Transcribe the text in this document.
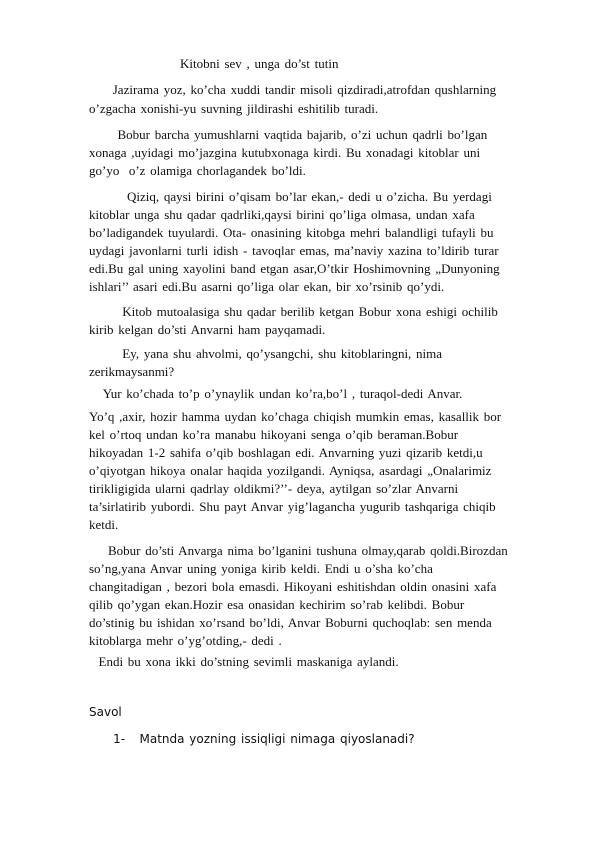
Kitobni sev , unga do’st tutin
Jazirama yoz, ko’cha xuddi tandir misoli qizdiradi,atrofdan qushlarning
o’zgacha xonishi-yu suvning jildirashi eshitilib turadi.
Bobur barcha yumushlarni vaqtida bajarib, o’zi uchun qadrli bo’lgan
xonaga ,uyidagi mo’jazgina kutubxonaga kirdi. Bu xonadagi kitoblar uni
go’yo  o’z olamiga chorlagandek bo’ldi.
Qiziq, qaysi birini o’qisam bo’lar ekan,- dedi u o’zicha. Bu yerdagi
kitoblar unga shu qadar qadrliki,qaysi birini qo’liga olmasa, undan xafa
bo’ladigandek tuyulardi. Ota- onasining kitobga mehri balandligi tufayli bu
uydagi javonlarni turli idish - tavoqlar emas, ma’naviy xazina to’ldirib turar
edi.Bu gal uning xayolini band etgan asar,O’tkir Hoshimovning „Dunyoning
ishlari’’ asari edi.Bu asarni qo’liga olar ekan, bir xo’rsinib qo’ydi.
Kitob mutoalasiga shu qadar berilib ketgan Bobur xona eshigi ochilib
kirib kelgan do’sti Anvarni ham payqamadi.
Ey, yana shu ahvolmi, qo’ysangchi, shu kitoblaringni, nima
zerikmaysanmi?
Yur ko’chada to’p o’ynaylik undan ko’ra,bo’l , turaqol-dedi Anvar.
Yo’q ,axir, hozir hamma uydan ko’chaga chiqish mumkin emas, kasallik bor
kel o’rtoq undan ko’ra manabu hikoyani senga o’qib beraman.Bobur
hikoyadan 1-2 sahifa o’qib boshlagan edi. Anvarning yuzi qizarib ketdi,u
o’qiyotgan hikoya onalar haqida yozilgandi. Ayniqsa, asardagi „Onalarimiz
tirikligigida ularni qadrlay oldikmi?’’- deya, aytilgan so’zlar Anvarni
ta’sirlatirib yubordi. Shu payt Anvar yig’lagancha yugurib tashqariga chiqib
ketdi.
Bobur do’sti Anvarga nima bo’lganini tushuna olmay,qarab qoldi.Birozdan
so’ng,yana Anvar uning yoniga kirib keldi. Endi u o’sha ko’cha
changitadigan , bezori bola emasdi. Hikoyani eshitishdan oldin onasini xafa
qilib qo’ygan ekan.Hozir esa onasidan kechirim so’rab kelibdi. Bobur
do’stinig bu ishidan xo’rsand bo’ldi, Anvar Boburni quchoqlab: sen menda
kitoblarga mehr o’yg’otding,- dedi .
Endi bu xona ikki do’stning sevimli maskaniga aylandi.
Savol
1-   Matnda yozning issiqligi nimaga qiyoslanadi?
